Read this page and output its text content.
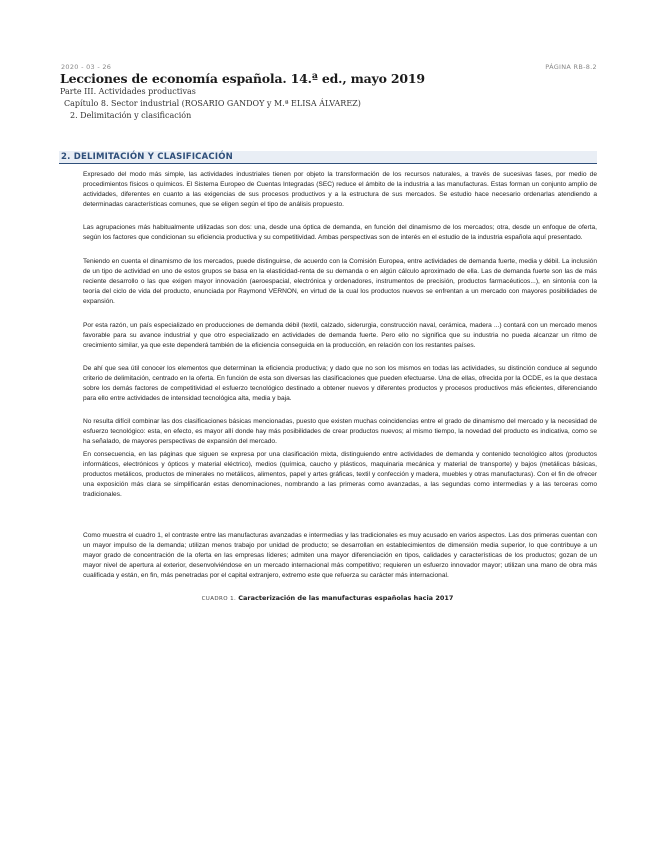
2020 - 03 - 26	PÁGINA RB-8.2
Lecciones de economía española. 14.ª ed., mayo 2019
Parte III. Actividades productivas
Capítulo 8. Sector industrial (ROSARIO GANDOY y M.ª ELISA ÁLVAREZ)
2. Delimitación y clasificación
2. DELIMITACIÓN Y CLASIFICACIÓN

Expresado del modo más simple, las actividades industriales tienen por objeto la transformación de los recursos naturales, a través de sucesivas fases, por medio de procedimientos físicos o químicos. El Sistema Europeo de Cuentas Integradas (SEC) reduce el ámbito de la industria a las manufacturas. Estas forman un conjunto amplio de actividades, diferentes en cuanto a las exigencias de sus procesos productivos y a la estructura de sus mercados. Se estudio hace necesario ordenarlas atendiendo a determinadas características comunes, que se eligen según el tipo de análisis propuesto.

Las agrupaciones más habitualmente utilizadas son dos: una, desde una óptica de demanda, en función del dinamismo de los mercados; otra, desde un enfoque de oferta, según los factores que condicionan su eficiencia productiva y su competitividad. Ambas perspectivas son de interés en el estudio de la industria española aquí presentado.

Teniendo en cuenta el dinamismo de los mercados, puede distinguirse, de acuerdo con la Comisión Europea, entre actividades de demanda fuerte, media y débil. La inclusión de un tipo de actividad en uno de estos grupos se basa en la elasticidad-renta de su demanda o en algún cálculo aproximado de ella. Las de demanda fuerte son las de más reciente desarrollo o las que exigen mayor innovación (aeroespacial, electrónica y ordenadores, instrumentos de precisión, productos farmacéuticos...), en sintonía con la teoría del ciclo de vida del producto, enunciada por Raymond VERNON, en virtud de la cual los productos nuevos se enfrentan a un mercado con mayores posibilidades de expansión.

Por esta razón, un país especializado en producciones de demanda débil (textil, calzado, siderurgia, construcción naval, cerámica, madera ...) contará con un mercado menos favorable para su avance industrial y que otro especializado en actividades de demanda fuerte. Pero ello no significa que su industria no pueda alcanzar un ritmo de crecimiento similar, ya que este dependerá también de la eficiencia conseguida en la producción, en relación con los restantes países.

De ahí que sea útil conocer los elementos que determinan la eficiencia productiva; y dado que no son los mismos en todas las actividades, su distinción conduce al segundo criterio de delimitación, centrado en la oferta. En función de esta son diversas las clasificaciones que pueden efectuarse. Una de ellas, ofrecida por la OCDE, es la que destaca sobre los demás factores de competitividad el esfuerzo tecnológico destinado a obtener nuevos y diferentes productos y procesos productivos más eficientes, diferenciando para ello entre actividades de intensidad tecnológica alta, media y baja.

No resulta difícil combinar las dos clasificaciones básicas mencionadas, puesto que existen muchas coincidencias entre el grado de dinamismo del mercado y la necesidad de esfuerzo tecnológico: esta, en efecto, es mayor allí donde hay más posibilidades de crear productos nuevos; al mismo tiempo, la novedad del producto es indicativa, como se ha señalado, de mayores perspectivas de expansión del mercado.

En consecuencia, en las páginas que siguen se expresa por una clasificación mixta, distinguiendo entre actividades de demanda y contenido tecnológico altos (productos informáticos, electrónicos y ópticos y material eléctrico), medios (química, caucho y plásticos, maquinaria mecánica y material de transporte) y bajos (metálicas básicas, productos metálicos, productos de minerales no metálicos, alimentos, papel y artes gráficas, textil y confección y madera, muebles y otras manufacturas). Con el fin de ofrecer una exposición más clara se simplificarán estas denominaciones, nombrando a las primeras como avanzadas, a las segundas como intermedias y a las terceras como tradicionales.

Como muestra el cuadro 1, el contraste entre las manufacturas avanzadas e intermedias y las tradicionales es muy acusado en varios aspectos. Las dos primeras cuentan con un mayor impulso de la demanda; utilizan menos trabajo por unidad de producto; se desarrollan en establecimientos de dimensión media superior, lo que contribuye a un mayor grado de concentración de la oferta en las empresas líderes; admiten una mayor diferenciación en tipos, calidades y características de los productos; gozan de un mayor nivel de apertura al exterior, desenvolviéndose en un mercado internacional más competitivo; requieren un esfuerzo innovador mayor; utilizan una mano de obra más cualificada y están, en fin, más penetradas por el capital extranjero, extremo este que refuerza su carácter más internacional.

CUADRO 1. Caracterización de las manufacturas españolas hacia 2017
